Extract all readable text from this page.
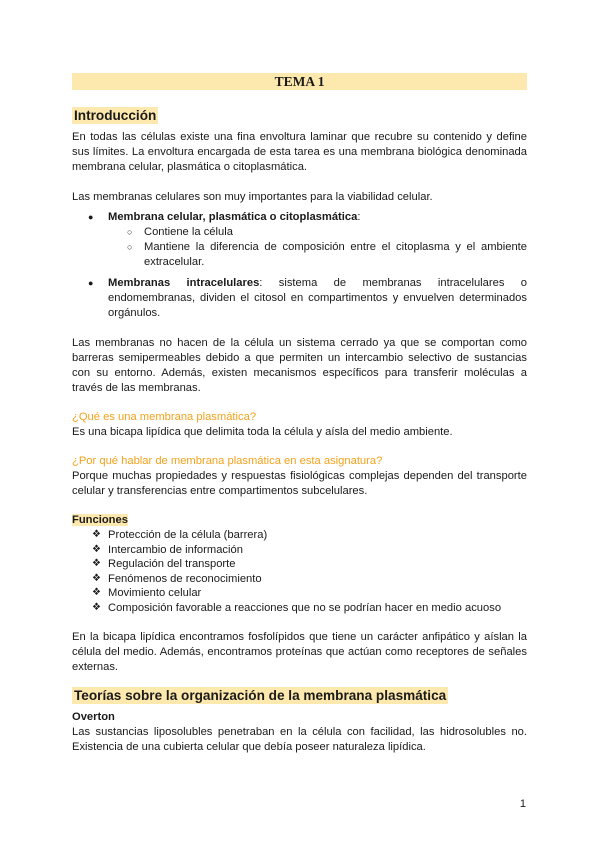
TEMA 1
Introducción

En todas las células existe una fina envoltura laminar que recubre su contenido y define sus límites. La envoltura encargada de esta tarea es una membrana biológica denominada membrana celular, plasmática o citoplasmática.

Las membranas celulares son muy importantes para la viabilidad celular.

● Membrana celular, plasmática o citoplasmática:
○ Contiene la célula
○ Mantiene la diferencia de composición entre el citoplasma y el ambiente extracelular.
● Membranas intracelulares: sistema de membranas intracelulares o endomembranas, dividen el citosol en compartimentos y envuelven determinados orgánulos.

Las membranas no hacen de la célula un sistema cerrado ya que se comportan como barreras semipermeables debido a que permiten un intercambio selectivo de sustancias con su entorno. Además, existen mecanismos específicos para transferir moléculas a través de las membranas.

¿Qué es una membrana plasmática?

Es una bicapa lipídica que delimita toda la célula y aísla del medio ambiente.

¿Por qué hablar de membrana plasmática en esta asignatura?

Porque muchas propiedades y respuestas fisiológicas complejas dependen del transporte celular y transferencias entre compartimentos subcelulares.

Funciones

❖ Protección de la célula (barrera)
❖ Intercambio de información
❖ Regulación del transporte
❖ Fenómenos de reconocimiento
❖ Movimiento celular
❖ Composición favorable a reacciones que no se podrían hacer en medio acuoso

En la bicapa lipídica encontramos fosfolípidos que tiene un carácter anfipático y aíslan la célula del medio. Además, encontramos proteínas que actúan como receptores de señales externas.

Teorías sobre la organización de la membrana plasmática

Overton

Las sustancias liposolubles penetraban en la célula con facilidad, las hidrosolubles no. Existencia de una cubierta celular que debía poseer naturaleza lipídica.

1
